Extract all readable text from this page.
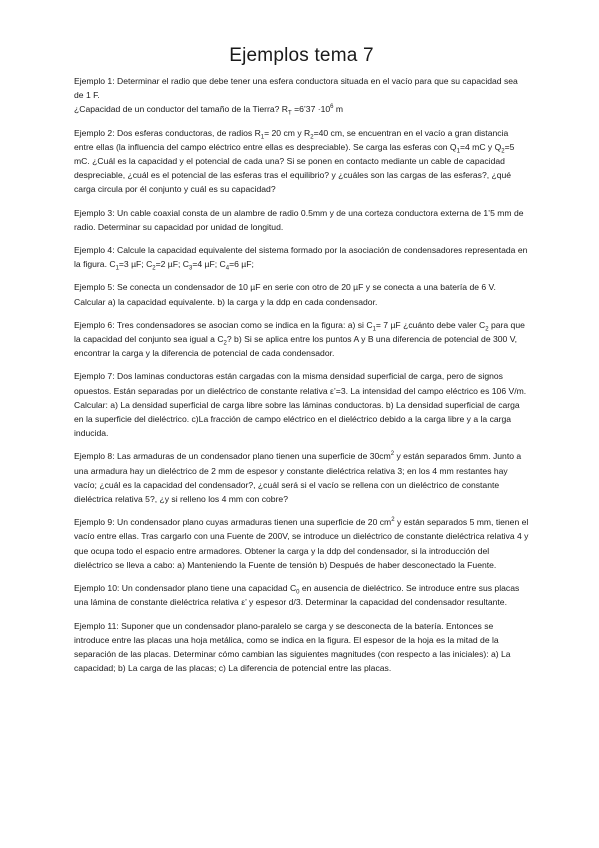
Ejemplos tema 7

Ejemplo 1: Determinar el radio que debe tener una esfera conductora situada en el vacío para que su capacidad sea de 1 F.

¿Capacidad de un conductor del tamaño de la Tierra? $R_T$ =6’37 $\cdot 10^6$ m

Ejemplo 2: Dos esferas conductoras, de radios $R_1= 20$ cm y $R_2=40$ cm, se encuentran en el vacío a gran distancia entre ellas (la influencia del campo eléctrico entre ellas es despreciable). Se carga las esferas con $Q_1=4$ mC y $Q_2=5$ mC. ¿Cuál es la capacidad y el potencial de cada una? Si se ponen en contacto mediante un cable de capacidad despreciable, ¿cuál es el potencial de las esferas tras el equilibrio? y ¿cuáles son las cargas de las esferas?, ¿qué carga circula por él conjunto y cuál es su capacidad?

Ejemplo 3: Un cable coaxial consta de un alambre de radio 0.5mm y de una corteza conductora externa de 1’5 mm de radio. Determinar su capacidad por unidad de longitud.

Ejemplo 4: Calcule la capacidad equivalente del sistema formado por la asociación de condensadores representada en la figura. $C_1=3$ µF; $C_2=2$ µF; $C_3=4$ µF; $C_4=6$ µF;

Ejemplo 5: Se conecta un condensador de 10 µF en serie con otro de 20 µF y se conecta a una batería de 6 V. Calcular a) la capacidad equivalente. b) la carga y la ddp en cada condensador.

Ejemplo 6: Tres condensadores se asocian como se indica en la figura: a) si $C_1= 7$ µF ¿cuánto debe valer $C_2$ para que la capacidad del conjunto sea igual a $C_2$? b) Si se aplica entre los puntos A y B una diferencia de potencial de 300 V, encontrar la carga y la diferencia de potencial de cada condensador.

Ejemplo 7: Dos laminas conductoras están cargadas con la misma densidad superficial de carga, pero de signos opuestos. Están separadas por un dieléctrico de constante relativa ε’=3. La intensidad del campo eléctrico es 106 V/m. Calcular: a) La densidad superficial de carga libre sobre las láminas conductoras. b) La densidad superficial de carga en la superficie del dieléctrico. c)La fracción de campo eléctrico en el dieléctrico debido a la carga libre y a la carga inducida.

Ejemplo 8: Las armaduras de un condensador plano tienen una superficie de $30cm^2$ y están separados 6mm. Junto a una armadura hay un dieléctrico de 2 mm de espesor y constante dieléctrica relativa 3; en los 4 mm restantes hay vacío; ¿cuál es la capacidad del condensador?, ¿cuál será si el vacío se rellena con un dieléctrico de constante dieléctrica relativa 5?, ¿y si relleno los 4 mm con cobre?

Ejemplo 9: Un condensador plano cuyas armaduras tienen una superficie de 20 $cm^2$ y están separados 5 mm, tienen el vacío entre ellas. Tras cargarlo con una Fuente de 200V, se introduce un dieléctrico de constante dieléctrica relativa 4 y que ocupa todo el espacio entre armadores. Obtener la carga y la ddp del condensador, si la introducción del dieléctrico se lleva a cabo: a) Manteniendo la Fuente de tensión b) Después de haber desconectado la Fuente.

Ejemplo 10: Un condensador plano tiene una capacidad $C_0$ en ausencia de dieléctrico. Se introduce entre sus placas una lámina de constante dieléctrica relativa ε’ y espesor d/3. Determinar la capacidad del condensador resultante.

Ejemplo 11: Suponer que un condensador plano-paralelo se carga y se desconecta de la batería. Entonces se introduce entre las placas una hoja metálica, como se indica en la figura. El espesor de la hoja es la mitad de la separación de las placas. Determinar cómo cambian las siguientes magnitudes (con respecto a las iniciales): a) La capacidad; b) La carga de las placas; c) La diferencia de potencial entre las placas.
